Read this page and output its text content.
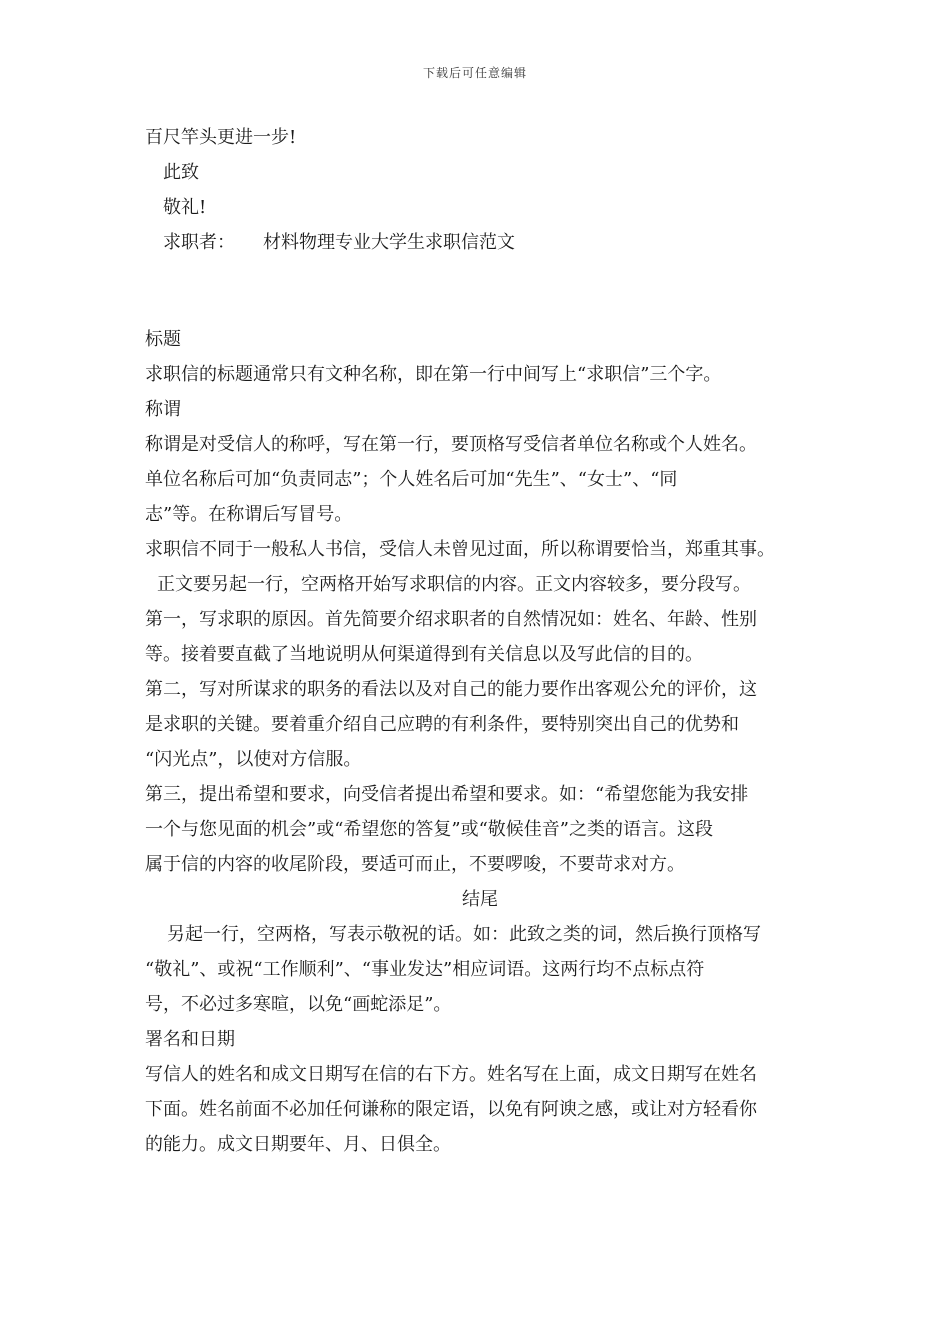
下载后可任意编辑
百尺竿头更进一步!
此致
敬礼!
求职者： 材料物理专业大学生求职信范文
标题
求职信的标题通常只有文种名称，即在第一行中间写上“求职信”三个字。
称谓
称谓是对受信人的称呼，写在第一行，要顶格写受信者单位名称或个人姓名。
单位名称后可加“负责同志”；个人姓名后可加“先生”、“女士”、“同
志”等。在称谓后写冒号。
求职信不同于一般私人书信，受信人未曾见过面，所以称谓要恰当，郑重其事。
正文要另起一行，空两格开始写求职信的内容。正文内容较多，要分段写。
第一，写求职的原因。首先简要介绍求职者的自然情况如：姓名、年龄、性别
等。接着要直截了当地说明从何渠道得到有关信息以及写此信的目的。
第二，写对所谋求的职务的看法以及对自己的能力要作出客观公允的评价，这
是求职的关键。要着重介绍自己应聘的有利条件，要特别突出自己的优势和
“闪光点”，以使对方信服。
第三，提出希望和要求，向受信者提出希望和要求。如：“希望您能为我安排
一个与您见面的机会”或“希望您的答复”或“敬候佳音”之类的语言。这段
属于信的内容的收尾阶段，要适可而止，不要啰唆，不要苛求对方。
结尾
另起一行，空两格，写表示敬祝的话。如：此致之类的词，然后换行顶格写
“敬礼”、或祝“工作顺利”、“事业发达”相应词语。这两行均不点标点符
号，不必过多寒暄，以免“画蛇添足”。
署名和日期
写信人的姓名和成文日期写在信的右下方。姓名写在上面，成文日期写在姓名
下面。姓名前面不必加任何谦称的限定语，以免有阿谀之感，或让对方轻看你
的能力。成文日期要年、月、日俱全。
